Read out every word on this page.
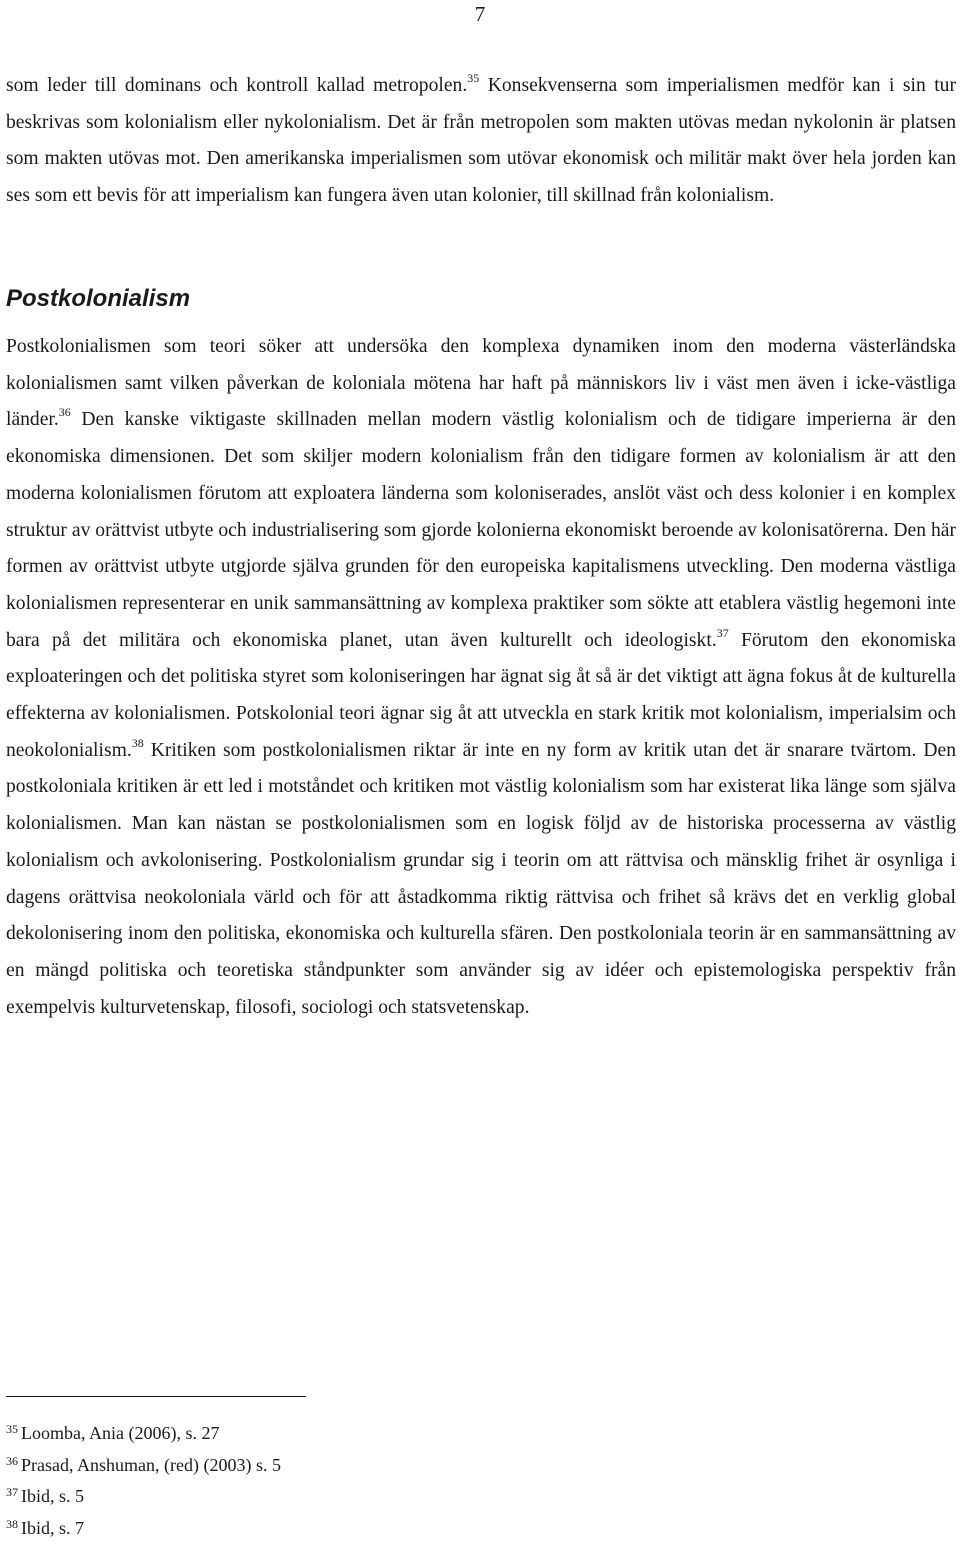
7

som leder till dominans och kontroll kallad metropolen.$^{35}$ Konsekvenserna som imperialismen medför kan i sin tur beskrivas som kolonialism eller nykolonialism. Det är från metropolen som makten utövas medan nykolonin är platsen som makten utövas mot. Den amerikanska imperialismen som utövar ekonomisk och militär makt över hela jorden kan ses som ett bevis för att imperialism kan fungera även utan kolonier, till skillnad från kolonialism.

Postkolonialism

Postkolonialismen som teori söker att undersöka den komplexa dynamiken inom den moderna västerländska kolonialismen samt vilken påverkan de koloniala mötena har haft på människors liv i väst men även i icke-västliga länder.$^{36}$ Den kanske viktigaste skillnaden mellan modern västlig kolonialism och de tidigare imperierna är den ekonomiska dimensionen. Det som skiljer modern kolonialism från den tidigare formen av kolonialism är att den moderna kolonialismen förutom att exploatera länderna som koloniserades, anslöt väst och dess kolonier i en komplex struktur av orättvist utbyte och industrialisering som gjorde kolonierna ekonomiskt beroende av kolonisatörerna. Den här formen av orättvist utbyte utgjorde själva grunden för den europeiska kapitalismens utveckling. Den moderna västliga kolonialismen representerar en unik sammansättning av komplexa praktiker som sökte att etablera västlig hegemoni inte bara på det militära och ekonomiska planet, utan även kulturellt och ideologiskt.$^{37}$ Förutom den ekonomiska exploateringen och det politiska styret som koloniseringen har ägnat sig åt så är det viktigt att ägna fokus åt de kulturella effekterna av kolonialismen. Potskolonial teori ägnar sig åt att utveckla en stark kritik mot kolonialism, imperialsim och neokolonialism.$^{38}$ Kritiken som postkolonialismen riktar är inte en ny form av kritik utan det är snarare tvärtom. Den postkoloniala kritiken är ett led i motståndet och kritiken mot västlig kolonialism som har existerat lika länge som själva kolonialismen. Man kan nästan se postkolonialismen som en logisk följd av de historiska processerna av västlig kolonialism och avkolonisering. Postkolonialism grundar sig i teorin om att rättvisa och mänsklig frihet är osynliga i dagens orättvisa neokoloniala värld och för att åstadkomma riktig rättvisa och frihet så krävs det en verklig global dekolonisering inom den politiska, ekonomiska och kulturella sfären. Den postkoloniala teorin är en sammansättning av en mängd politiska och teoretiska ståndpunkter som använder sig av idéer och epistemologiska perspektiv från exempelvis kulturvetenskap, filosofi, sociologi och statsvetenskap.

$^{35}$ Loomba, Ania (2006), s. 27
$^{36}$ Prasad, Anshuman, (red) (2003) s. 5
$^{37}$ Ibid, s. 5
$^{38}$ Ibid, s. 7
